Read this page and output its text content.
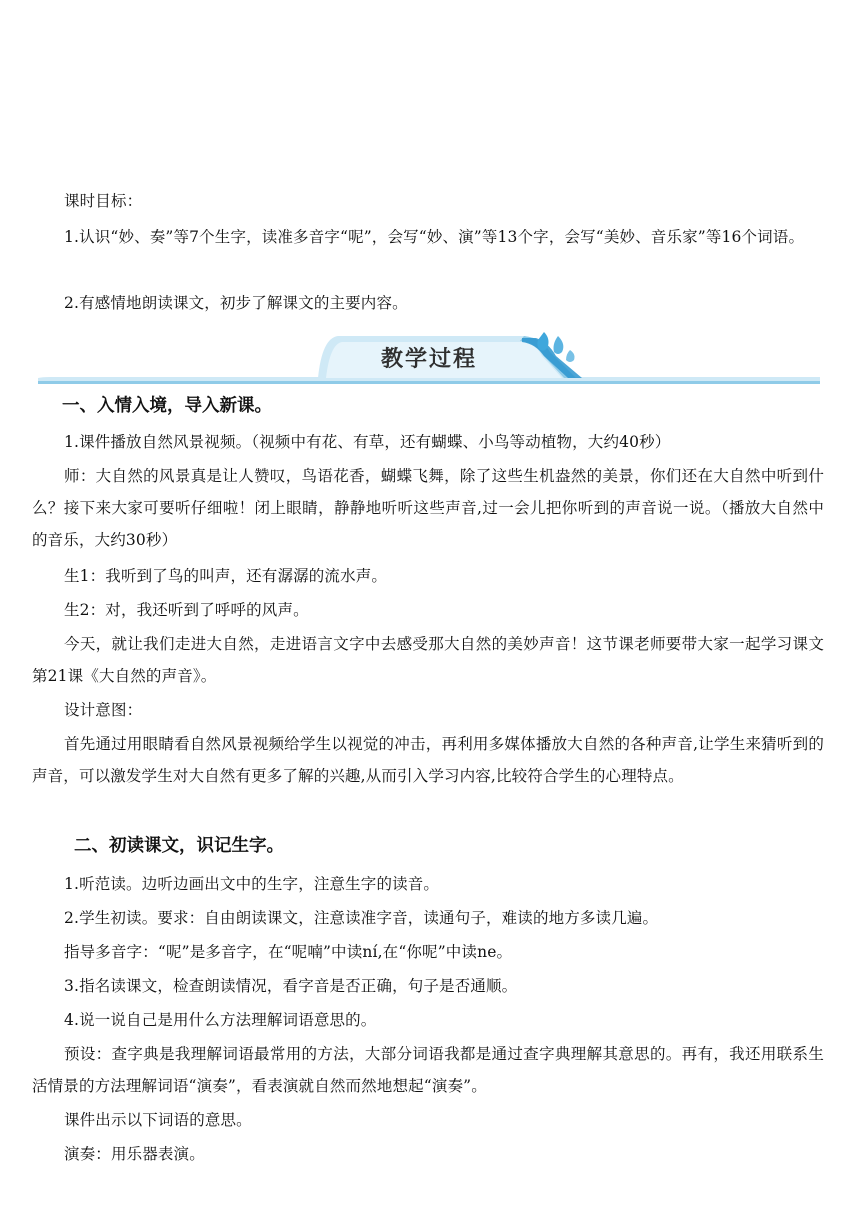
课时目标：

1.认识“妙、奏”等7个生字，读准多音字“呢”，会写“妙、演”等13个字，会写“美妙、音乐家”等16个词语。

2.有感情地朗读课文，初步了解课文的主要内容。

教学过程
一、入情入境，导入新课。

1.课件播放自然风景视频。（视频中有花、有草，还有蝴蝶、小鸟等动植物，大约40秒）

师：大自然的风景真是让人赞叹，鸟语花香，蝴蝶飞舞，除了这些生机盎然的美景，你们还在大自然中听到什么？接下来大家可要听仔细啦！闭上眼睛，静静地听听这些声音,过一会儿把你听到的声音说一说。（播放大自然中的音乐，大约30秒）

生1：我听到了鸟的叫声，还有潺潺的流水声。

生2：对，我还听到了呼呼的风声。

今天，就让我们走进大自然，走进语言文字中去感受那大自然的美妙声音！这节课老师要带大家一起学习课文第21课《大自然的声音》。

设计意图：

首先通过用眼睛看自然风景视频给学生以视觉的冲击，再利用多媒体播放大自然的各种声音,让学生来猜听到的声音，可以激发学生对大自然有更多了解的兴趣,从而引入学习内容,比较符合学生的心理特点。

二、初读课文，识记生字。

1.听范读。边听边画出文中的生字，注意生字的读音。

2.学生初读。要求：自由朗读课文，注意读准字音，读通句子，难读的地方多读几遍。

指导多音字：“呢”是多音字，在“呢喃”中读ní,在“你呢”中读ne。

3.指名读课文，检查朗读情况，看字音是否正确，句子是否通顺。

4.说一说自己是用什么方法理解词语意思的。

预设：查字典是我理解词语最常用的方法，大部分词语我都是通过查字典理解其意思的。再有，我还用联系生活情景的方法理解词语“演奏”，看表演就自然而然地想起“演奏”。

课件出示以下词语的意思。

演奏：用乐器表演。
